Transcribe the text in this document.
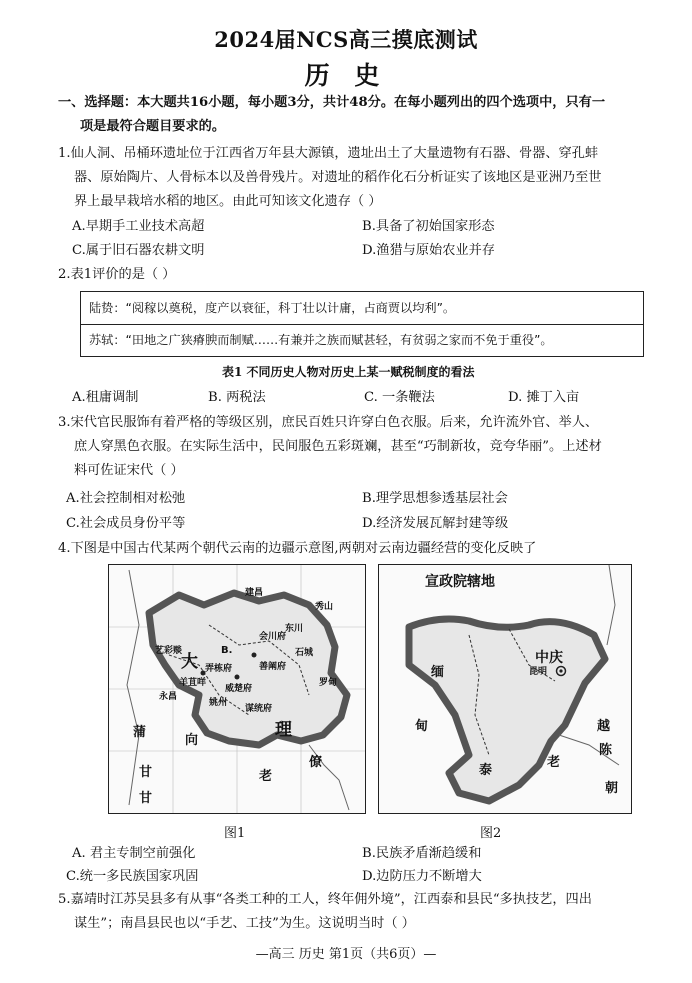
2024届NCS高三摸底测试
历 史
一、选择题：本大题共16小题，每小题3分，共计48分。在每小题列出的四个选项中，只有一
项是最符合题目要求的。
1.仙人洞、吊桶环遗址位于江西省万年县大源镇，遗址出土了大量遗物有石器、骨器、穿孔蚌
器、原始陶片、人骨标本以及兽骨残片。对遗址的稻作化石分析证实了该地区是亚洲乃至世
界上最早栽培水稻的地区。由此可知该文化遗存（ ）
A.早期手工业技术高超	B.具备了初始国家形态
C.属于旧石器农耕文明	D.渔猎与原始农业并存
2.表1评价的是（ ）
陆贽：“阅稼以奠税，度产以衰征，科丁壮以计庸，占商贾以均利”。
苏轼：“田地之广狭瘠腴而制赋……有兼并之族而赋甚轻，有贫弱之家而不免于重役”。
表1 不同历史人物对历史上某一赋税制度的看法
A.租庸调制	B. 两税法	C. 一条鞭法	D. 摊丁入亩
3.宋代官民服饰有着严格的等级区别，庶民百姓只许穿白色衣服。后来，允许流外官、举人、
庶人穿黑色衣服。在实际生活中，民间服色五彩斑斓，甚至“巧制新妆，竞夸华丽”。上述材
料可佐证宋代（ ）
A.社会控制相对松弛	B.理学思想参透基层社会
C.社会成员身份平等	D.经济发展瓦解封建等级
4.下图是中国古代某两个朝代云南的边疆示意图,两朝对云南边疆经营的变化反映了
大
理
B.
善阐府
会川府
东川
威楚府
弄栋府
石城
谋统府
秀山
建昌
罗甸
蒲
向
甘
甘
老
僚
艺彩赕
永昌
姚州
羊苴咩
图1
宣政院辖地
中庆
昆明
缅
甸
泰
老
越
陈
朝
图2
A. 君主专制空前强化	B.民族矛盾渐趋缓和
C.统一多民族国家巩固	D.边防压力不断增大
5.嘉靖时江苏吴县多有从事“各类工种的工人，终年佣外境”，江西泰和县民“多执技艺，四出
谋生”；南昌县民也以“手艺、工技”为生。这说明当时（ ）
—高三 历史 第1页（共6页）—
